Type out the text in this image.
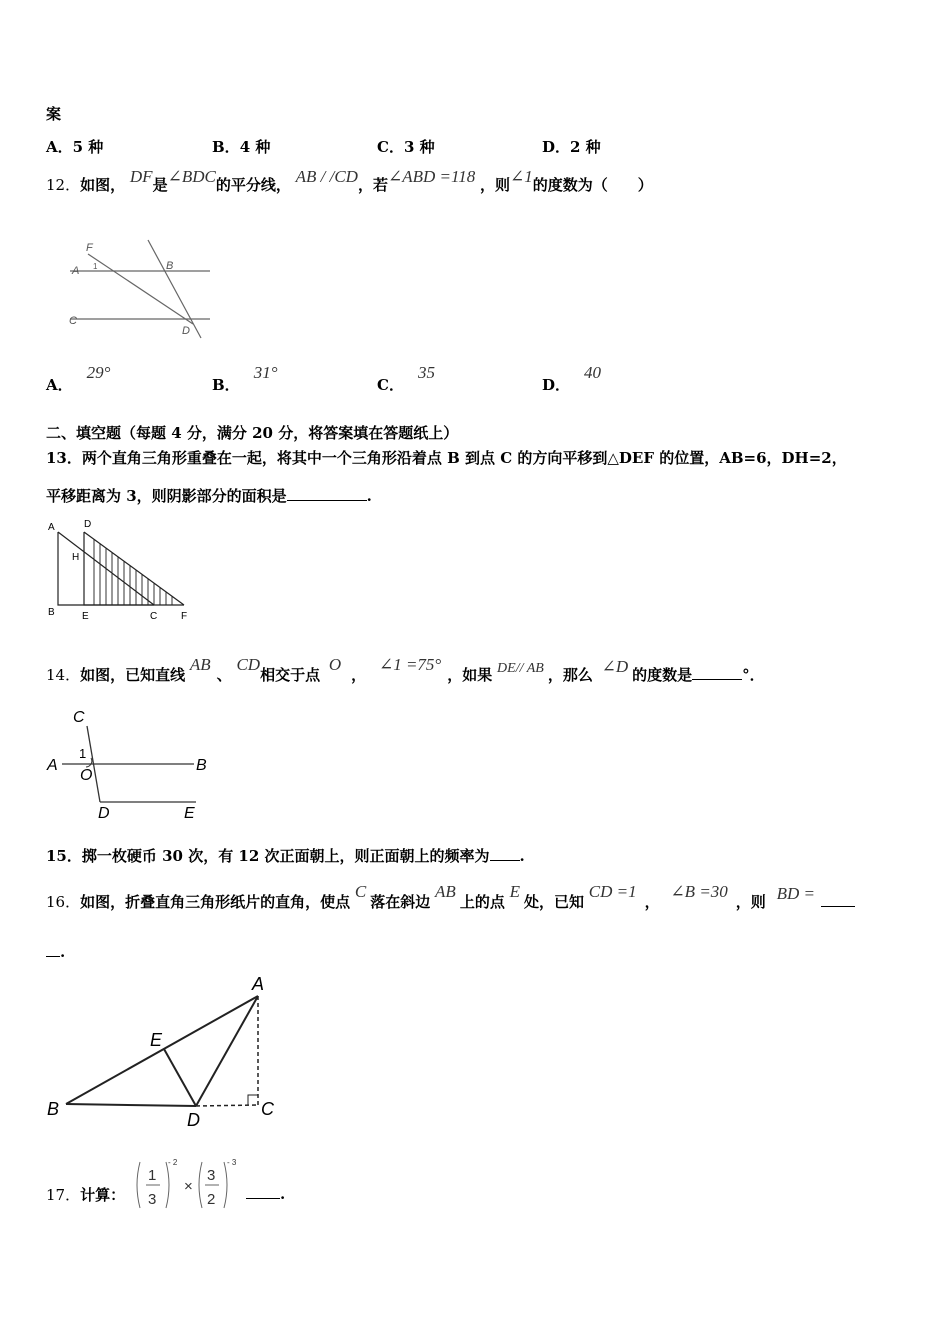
案
A．5 种	B．4 种	C．3 种	D．2 种
12．如图， DF是∠BDC的平分线， AB / /CD，若∠ABD =118 ，则∠1的度数为（　　）
F
A 1	B
C
D
A．29°
B．31°
C．35
D．40
二、填空题（每题 4 分，满分 20 分，将答案填在答题纸上）
13．两个直角三角形重叠在一起，将其中一个三角形沿着点 B 到点 C 的方向平移到△DEF 的位置，AB=6，DH=2，
平移距离为 3，则阴影部分的面积是	.
A	D
H
B	E	C F
14．如图，已知直线 AB、 CD相交于点 O， ∠1 =75°，如果 DE// AB ，那么 ∠D 的度数是	°．
C
A
1
O
B
D	E
15．掷一枚硬币 30 次，有 12 次正面朝上，则正面朝上的频率为 .
16．如图，折叠直角三角形纸片的直角，使点 C落在斜边 AB上的点 E处，已知 CD =1， ∠B =30，则 BD =
.
A
E
B
D
C
17．计算：
1
3
- 2
×
3
2
- 3
.
